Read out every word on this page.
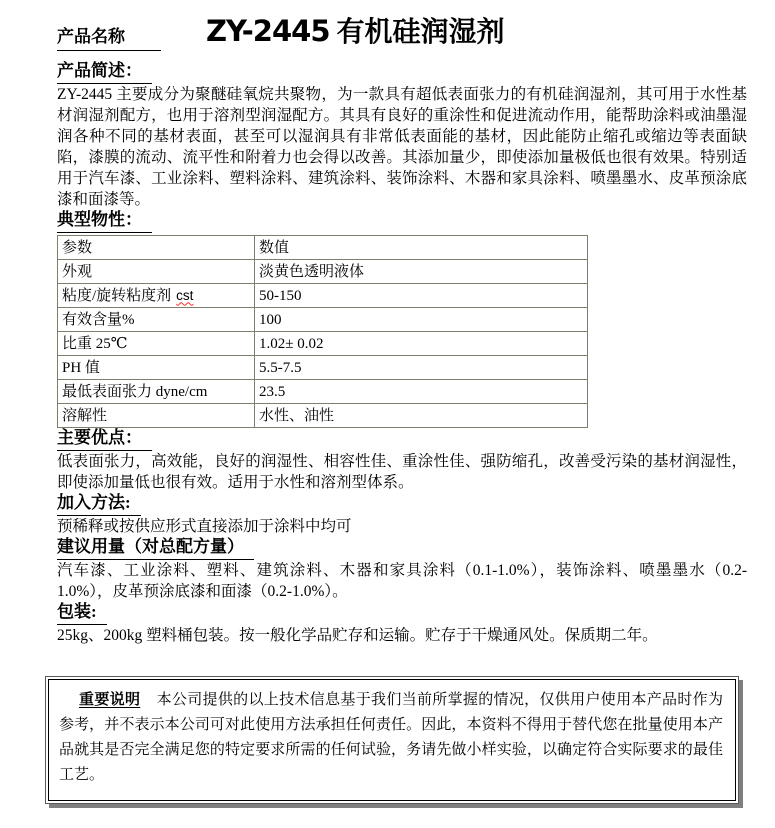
产品名称	ZY-2445 有机硅润湿剂
产品简述：

ZY-2445 主要成分为聚醚硅氧烷共聚物，为一款具有超低表面张力的有机硅润湿剂，其可用于水性基材润湿剂配方，也用于溶剂型润湿配方。其具有良好的重涂性和促进流动作用，能帮助涂料或油墨湿润各种不同的基材表面，甚至可以湿润具有非常低表面能的基材，因此能防止缩孔或缩边等表面缺陷，漆膜的流动、流平性和附着力也会得以改善。其添加量少，即使添加量极低也很有效果。特别适用于汽车漆、工业涂料、塑料涂料、建筑涂料、装饰涂料、木器和家具涂料、喷墨墨水、皮革预涂底漆和面漆等。

典型物性：
参数	数值
外观	淡黄色透明液体
粘度/旋转粘度剂 cst	50-150
有效含量%	100
比重 25℃	1.02± 0.02
PH 值	5.5-7.5
最低表面张力 dyne/cm	23.5
溶解性	水性、油性
主要优点：

低表面张力，高效能，良好的润湿性、相容性佳、重涂性佳、强防缩孔，改善受污染的基材润湿性，即使添加量低也很有效。适用于水性和溶剂型体系。

加入方法:

预稀释或按供应形式直接添加于涂料中均可

建议用量（对总配方量）

汽车漆、工业涂料、塑料、建筑涂料、木器和家具涂料（0.1-1.0%），装饰涂料、喷墨墨水（0.2-1.0%），皮革预涂底漆和面漆（0.2-1.0%）。

包装:

25kg、200kg 塑料桶包装。按一般化学品贮存和运输。贮存于干燥通风处。保质期二年。

重要说明 本公司提供的以上技术信息基于我们当前所掌握的情况，仅供用户使用本产品时作为参考，并不表示本公司可对此使用方法承担任何责任。因此，本资料不得用于替代您在批量使用本产品就其是否完全满足您的特定要求所需的任何试验，务请先做小样实验，以确定符合实际要求的最佳工艺。
